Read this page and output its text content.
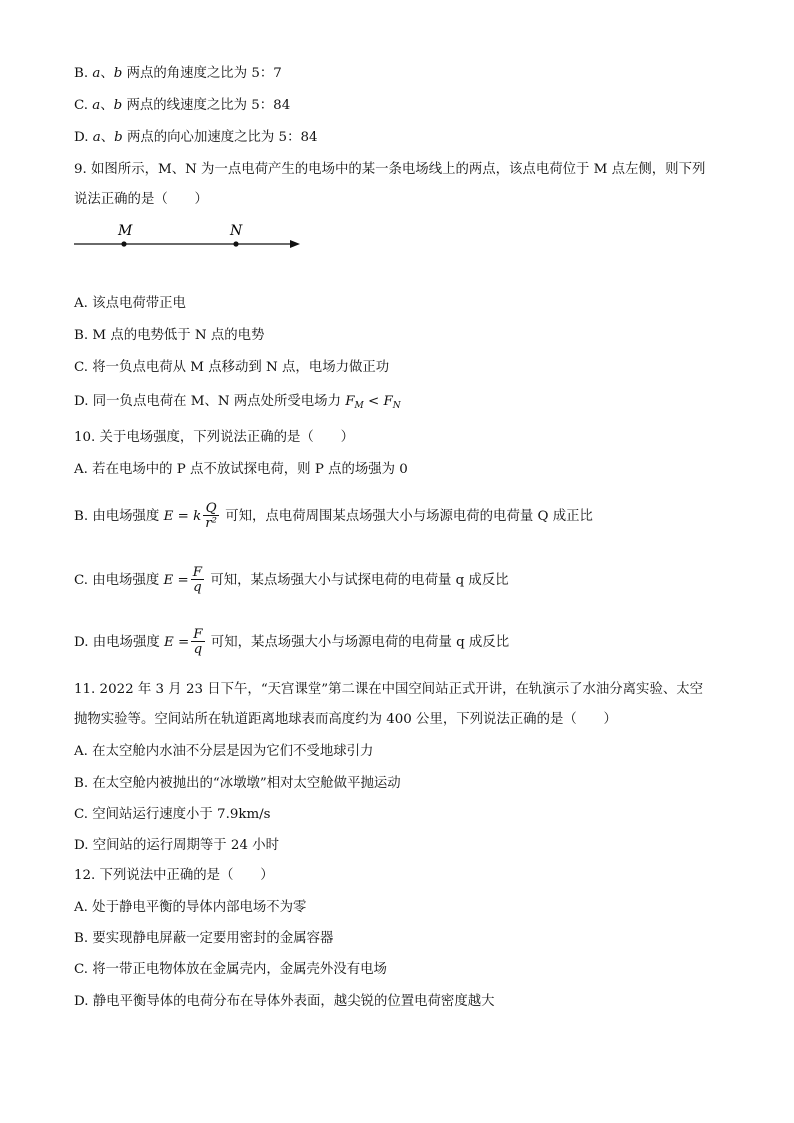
B. a、b 两点的角速度之比为 5：7
C. a、b 两点的线速度之比为 5：84
D. a、b 两点的向心加速度之比为 5：84
9. 如图所示，M、N 为一点电荷产生的电场中的某一条电场线上的两点，该点电荷位于 M 点左侧，则下列
说法正确的是（　　）
M	N
A. 该点电荷带正电
B. M 点的电势低于 N 点的电势
C. 将一负点电荷从 M 点移动到 N 点，电场力做正功
D. 同一负点电荷在 M、N 两点处所受电场力 $F_M < F_N$
10. 关于电场强度，下列说法正确的是（　　）
A. 若在电场中的 P 点不放试探电荷，则 P 点的场强为 0
B. 由电场强度 E = k $\frac{Q}{\text{r²}}$ 可知，点电荷周围某点场强大小与场源电荷的电荷量 Q 成正比
C. 由电场强度 $E = \frac{F}{q}$ 可知，某点场强大小与试探电荷的电荷量 q 成反比
D. 由电场强度 $E = \frac{F}{q}$ 可知，某点场强大小与场源电荷的电荷量 q 成反比
11. 2022 年 3 月 23 日下午，“天宫课堂”第二课在中国空间站正式开讲，在轨演示了水油分离实验、太空
抛物实验等。空间站所在轨道距离地球表而高度约为 400 公里，下列说法正确的是（　　）
A. 在太空舱内水油不分层是因为它们不受地球引力
B. 在太空舱内被抛出的“冰墩墩”相对太空舱做平抛运动
C. 空间站运行速度小于 7.9km/s
D. 空间站的运行周期等于 24 小时
12. 下列说法中正确的是（　　）
A. 处于静电平衡的导体内部电场不为零
B. 要实现静电屏蔽一定要用密封的金属容器
C. 将一带正电物体放在金属壳内，金属壳外没有电场
D. 静电平衡导体的电荷分布在导体外表面，越尖锐的位置电荷密度越大
